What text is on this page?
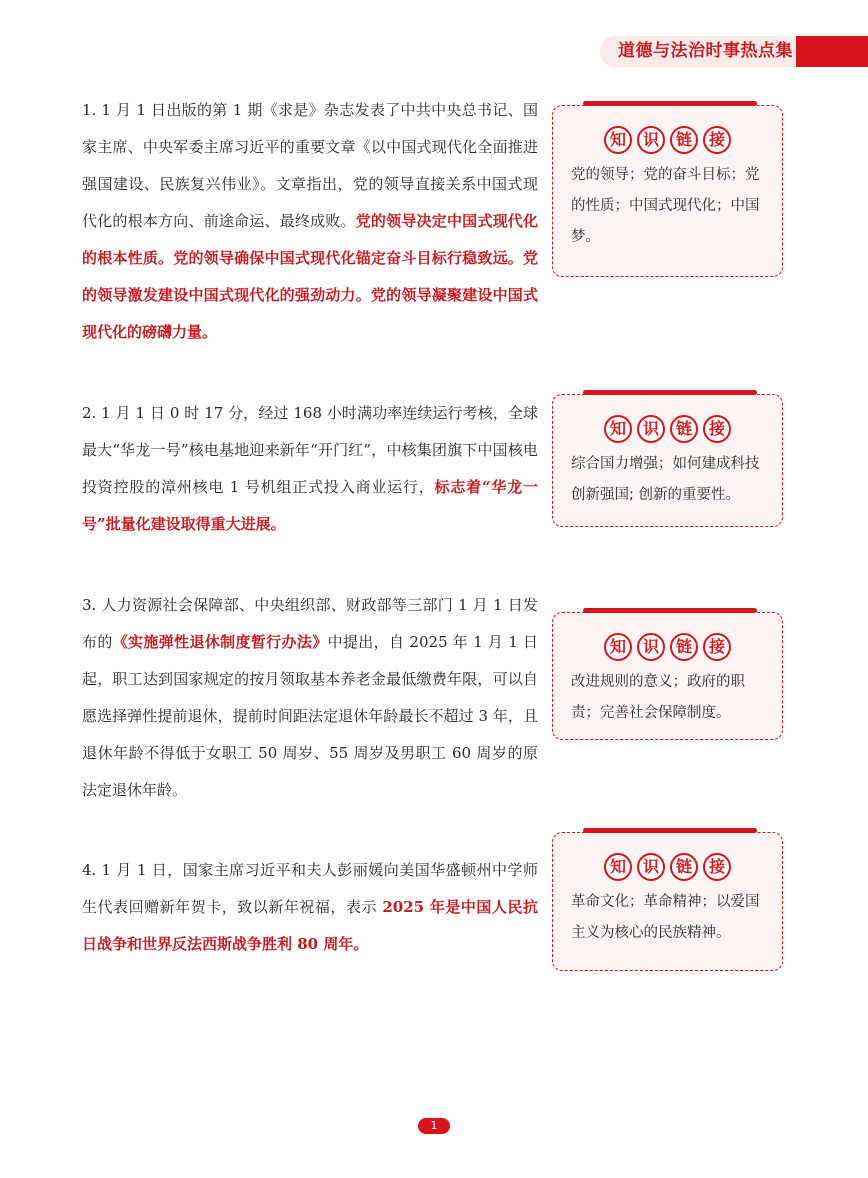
道德与法治时事热点集
1. 1 月 1 日出版的第 1 期《求是》杂志发表了中共中央总书记、国家主席、中央军委主席习近平的重要文章《以中国式现代化全面推进强国建设、民族复兴伟业》。文章指出，党的领导直接关系中国式现代化的根本方向、前途命运、最终成败。党的领导决定中国式现代化的根本性质。党的领导确保中国式现代化锚定奋斗目标行稳致远。党的领导激发建设中国式现代化的强劲动力。党的领导凝聚建设中国式现代化的磅礴力量。
2. 1 月 1 日 0 时 17 分，经过 168 小时满功率连续运行考核，全球最大“华龙一号”核电基地迎来新年“开门红”，中核集团旗下中国核电投资控股的漳州核电 1 号机组正式投入商业运行，标志着“华龙一号”批量化建设取得重大进展。
3. 人力资源社会保障部、中央组织部、财政部等三部门 1 月 1 日发布的《实施弹性退休制度暂行办法》中提出，自 2025 年 1 月 1 日起，职工达到国家规定的按月领取基本养老金最低缴费年限，可以自愿选择弹性提前退休，提前时间距法定退休年龄最长不超过 3 年，且退休年龄不得低于女职工 50 周岁、55 周岁及男职工 60 周岁的原法定退休年龄。
4. 1 月 1 日，国家主席习近平和夫人彭丽媛向美国华盛顿州中学师生代表回赠新年贺卡，致以新年祝福，表示 2025 年是中国人民抗日战争和世界反法西斯战争胜利 80 周年。
知	识	链	接
党的领导；党的奋斗目标；党的性质；中国式现代化；中国梦。
知	识	链	接
综合国力增强；如何建成科技创新强国; 创新的重要性。
知	识	链	接
改进规则的意义；政府的职责；完善社会保障制度。
知	识	链	接
革命文化；革命精神；以爱国主义为核心的民族精神。
1
